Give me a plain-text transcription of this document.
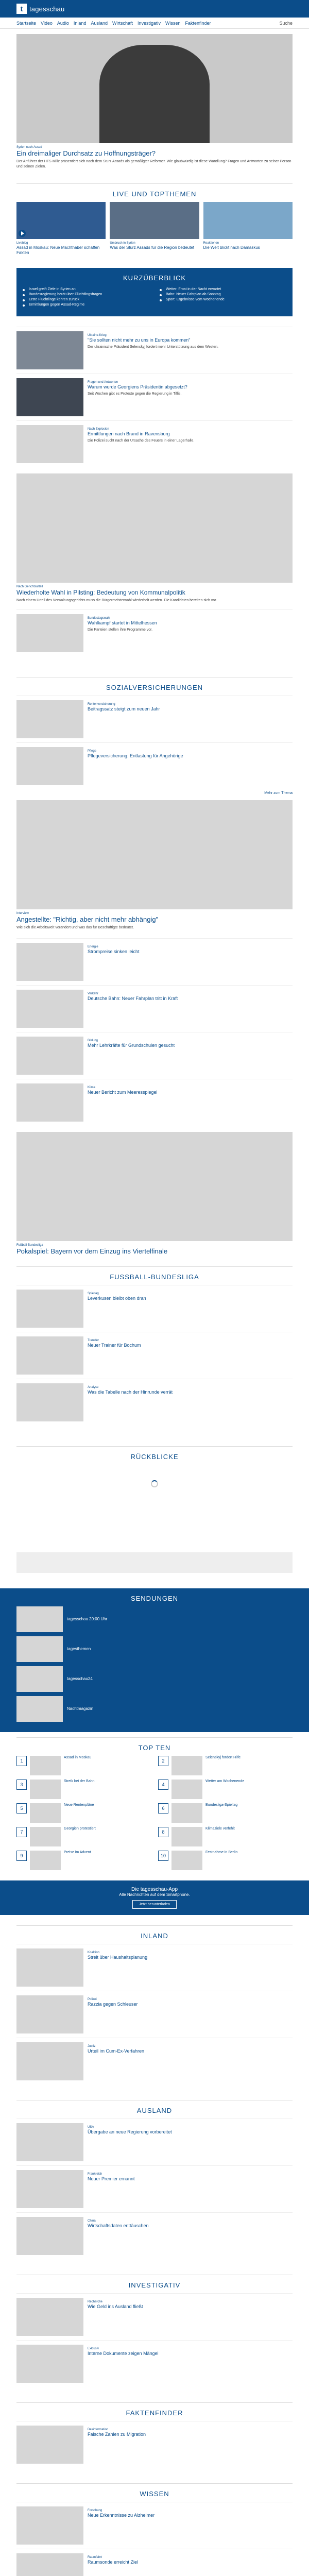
t tagesschau
Startseite Video Audio Inland Ausland Wirtschaft Investigativ Wissen Faktenfinder	Suche
Syrien nach Assad
Ein dreimaliger Durchsatz zu Hoffnungsträger?
Der Anführer der HTS-Miliz präsentiert sich nach dem Sturz Assads als gemäßigter Reformer. Wie glaubwürdig ist diese Wandlung? Fragen und Antworten zu seiner Person und seinen Zielen.
LIVE UND TOPTHEMEN
Liveblog
Assad in Moskau: Neue Machthaber schaffen Fakten
Umbruch in Syrien
Was der Sturz Assads für die Region bedeutet
Reaktionen
Die Welt blickt nach Damaskus
KURZÜBERBLICK
Israel greift Ziele in Syrien an
Bundesregierung berät über Flüchtlingsfragen
Erste Flüchtlinge kehren zurück
Ermittlungen gegen Assad-Regime
Wetter: Frost in der Nacht erwartet
Bahn: Neuer Fahrplan ab Sonntag
Sport: Ergebnisse vom Wochenende
Ukraine-Krieg
"Sie sollten nicht mehr zu uns in Europa kommen"
Der ukrainische Präsident Selenskyj fordert mehr Unterstützung aus dem Westen.
Fragen und Antworten
Warum wurde Georgiens Präsidentin abgesetzt?
Seit Wochen gibt es Proteste gegen die Regierung in Tiflis.
Nach Explosion
Ermittlungen nach Brand in Ravensburg
Die Polizei sucht nach der Ursache des Feuers in einer Lagerhalle.
Nach Gerichtsurteil
Wiederholte Wahl in Pilsting: Bedeutung von Kommunalpolitik
Nach einem Urteil des Verwaltungsgerichts muss die Bürgermeisterwahl wiederholt werden. Die Kandidaten bereiten sich vor.
Bundestagswahl
Wahlkampf startet in Mittelhessen
Die Parteien stellen ihre Programme vor.
SOZIALVERSICHERUNGEN
Rentenversicherung
Beitragssatz steigt zum neuen Jahr
Pflege
Pflegeversicherung: Entlastung für Angehörige
Mehr zum Thema
Interview
Angestellte: "Richtig, aber nicht mehr abhängig"
Wie sich die Arbeitswelt verändert und was das für Beschäftigte bedeutet.
Energie
Strompreise sinken leicht
Verkehr
Deutsche Bahn: Neuer Fahrplan tritt in Kraft
Bildung
Mehr Lehrkräfte für Grundschulen gesucht
Klima
Neuer Bericht zum Meeresspiegel
Fußball-Bundesliga
Pokalspiel: Bayern vor dem Einzug ins Viertelfinale
FUSSBALL-BUNDESLIGA
Spieltag
Leverkusen bleibt oben dran
Transfer
Neuer Trainer für Bochum
Analyse
Was die Tabelle nach der Hinrunde verrät
RÜCKBLICKE
SENDUNGEN
tagesschau 20:00 Uhr
tagesthemen
tagesschau24
Nachtmagazin
TOP TEN
1
Assad in Moskau
2
Selenskyj fordert Hilfe
3
Streik bei der Bahn
4
Wetter am Wochenende
5
Neue Rentenpläne
6
Bundesliga-Spieltag
7
Georgien protestiert
8
Klimaziele verfehlt
9
Preise im Advent
10
Festnahme in Berlin
Die tagesschau-App
Alle Nachrichten auf dem Smartphone.
Jetzt herunterladen
INLAND
Koalition
Streit über Haushaltsplanung
Polizei
Razzia gegen Schleuser
Justiz
Urteil im Cum-Ex-Verfahren
AUSLAND
USA
Übergabe an neue Regierung vorbereitet
Frankreich
Neuer Premier ernannt
China
Wirtschaftsdaten enttäuschen
INVESTIGATIV
Recherche
Wie Geld ins Ausland fließt
Exklusiv
Interne Dokumente zeigen Mängel
FAKTENFINDER
Desinformation
Falsche Zahlen zu Migration
WISSEN
Forschung
Neue Erkenntnisse zu Alzheimer
Raumfahrt
Raumsonde erreicht Ziel
